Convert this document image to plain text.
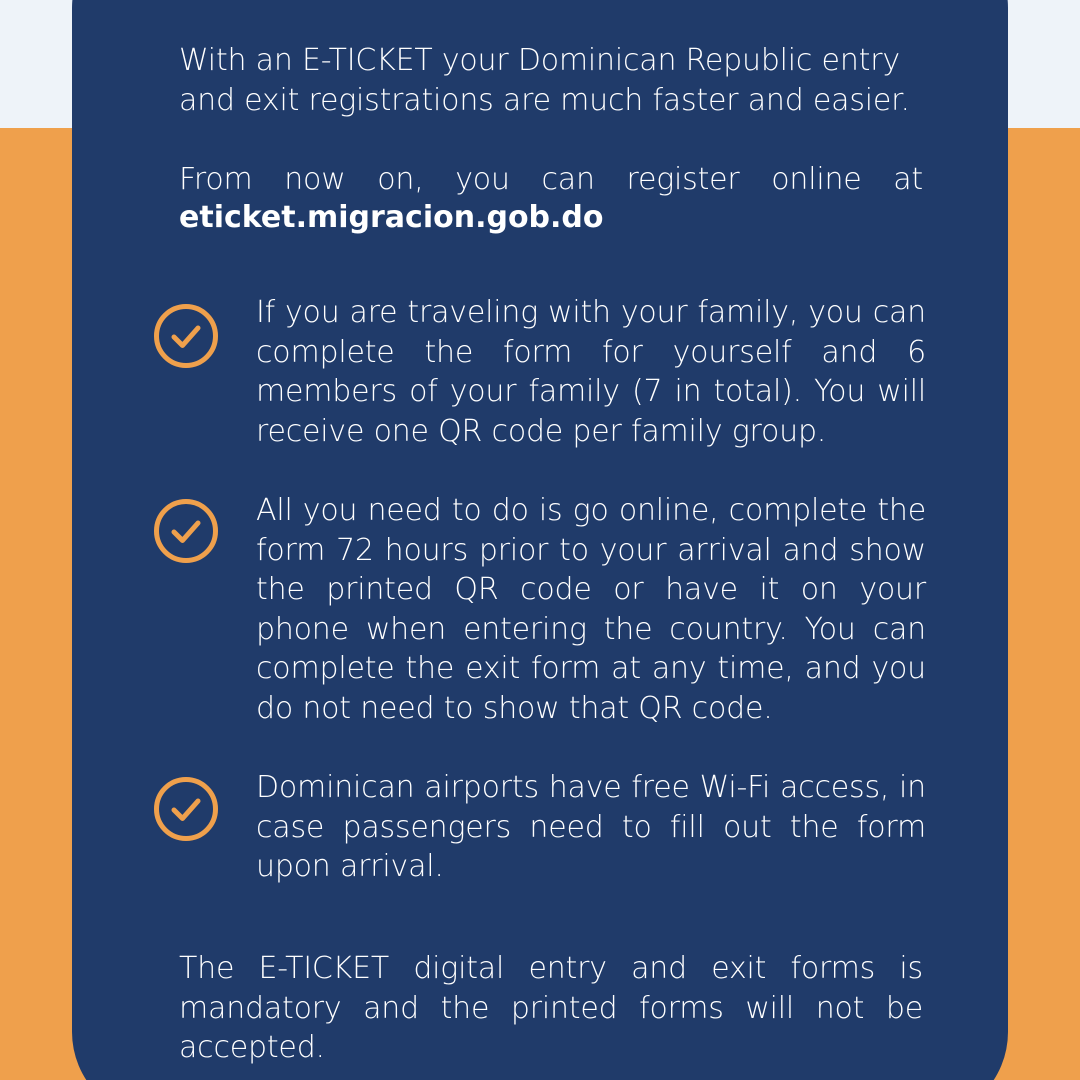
With an E-TICKET your Dominican Republic entry and exit registrations are much faster and easier.

From now on, you can register online at

eticket.migracion.gob.do

If you are traveling with your family, you can complete the form for yourself and 6 members of your family (7 in total). You will receive one QR code per family group.

All you need to do is go online, complete the form 72 hours prior to your arrival and show the printed QR code or have it on your phone when entering the country. You can complete the exit form at any time, and you do not need to show that QR code.

Dominican airports have free Wi-Fi access, in case passengers need to fill out the form upon arrival.

The E-TICKET digital entry and exit forms is mandatory and the printed forms will not be accepted.
